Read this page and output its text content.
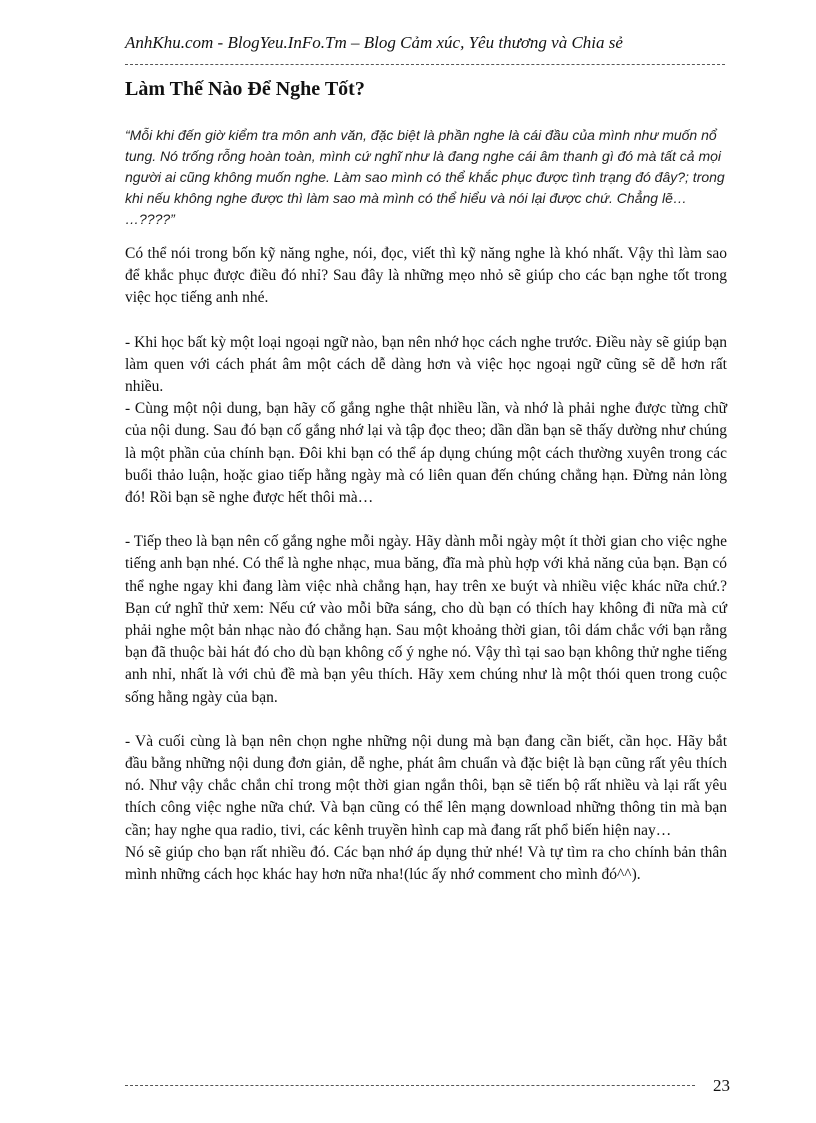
AnhKhu.com - BlogYeu.InFo.Tm – Blog Cảm xúc, Yêu thương và Chia sẻ
Làm Thế Nào Để Nghe Tốt?
“Mỗi khi đến giờ kiểm tra môn anh văn, đặc biệt là phần nghe là cái đầu của mình như muốn nổ tung. Nó trống rỗng hoàn toàn, mình cứ nghĩ như là đang nghe cái âm thanh gì đó mà tất cả mọi người ai cũng không muốn nghe. Làm sao mình có thể khắc phục được tình trạng đó đây?; trong khi nếu không nghe được thì làm sao mà mình có thể hiểu và nói lại được chứ. Chẳng lẽ… …????”

Có thể nói trong bốn kỹ năng nghe, nói, đọc, viết thì kỹ năng nghe là khó nhất. Vậy thì làm sao để khắc phục được điều đó nhỉ? Sau đây là những mẹo nhỏ sẽ giúp cho các bạn nghe tốt trong việc học tiếng anh nhé.

- Khi học bất kỳ một loại ngoại ngữ nào, bạn nên nhớ học cách nghe trước. Điều này sẽ giúp bạn làm quen với cách phát âm một cách dễ dàng hơn và việc học ngoại ngữ cũng sẽ dễ hơn rất nhiều.

- Cùng một nội dung, bạn hãy cố gắng nghe thật nhiều lần, và nhớ là phải nghe được từng chữ của nội dung. Sau đó bạn cố gắng nhớ lại và tập đọc theo; dần dần bạn sẽ thấy dường như chúng là một phần của chính bạn. Đôi khi bạn có thể áp dụng chúng một cách thường xuyên trong các buổi thảo luận, hoặc giao tiếp hằng ngày mà có liên quan đến chúng chẳng hạn. Đừng nản lòng đó! Rồi bạn sẽ nghe được hết thôi mà…

- Tiếp theo là bạn nên cố gắng nghe mỗi ngày. Hãy dành mỗi ngày một ít thời gian cho việc nghe tiếng anh bạn nhé. Có thể là nghe nhạc, mua băng, đĩa mà phù hợp với khả năng của bạn. Bạn có thể nghe ngay khi đang làm việc nhà chẳng hạn, hay trên xe buýt và nhiều việc khác nữa chứ.? Bạn cứ nghĩ thử xem: Nếu cứ vào mỗi bữa sáng, cho dù bạn có thích hay không đi nữa mà cứ phải nghe một bản nhạc nào đó chẳng hạn. Sau một khoảng thời gian, tôi dám chắc với bạn rằng bạn đã thuộc bài hát đó cho dù bạn không cố ý nghe nó. Vậy thì tại sao bạn không thử nghe tiếng anh nhỉ, nhất là với chủ đề mà bạn yêu thích. Hãy xem chúng như là một thói quen trong cuộc sống hằng ngày của bạn.

- Và cuối cùng là bạn nên chọn nghe những nội dung mà bạn đang cần biết, cần học. Hãy bắt đầu bằng những nội dung đơn giản, dễ nghe, phát âm chuẩn và đặc biệt là bạn cũng rất yêu thích nó. Như vậy chắc chắn chỉ trong một thời gian ngắn thôi, bạn sẽ tiến bộ rất nhiều và lại rất yêu thích công việc nghe nữa chứ. Và bạn cũng có thể lên mạng download những thông tin mà bạn cần; hay nghe qua radio, tivi, các kênh truyền hình cap mà đang rất phổ biến hiện nay…

Nó sẽ giúp cho bạn rất nhiều đó. Các bạn nhớ áp dụng thử nhé! Và tự tìm ra cho chính bản thân mình những cách học khác hay hơn nữa nha!(lúc ấy nhớ comment cho mình đó^^).

23
